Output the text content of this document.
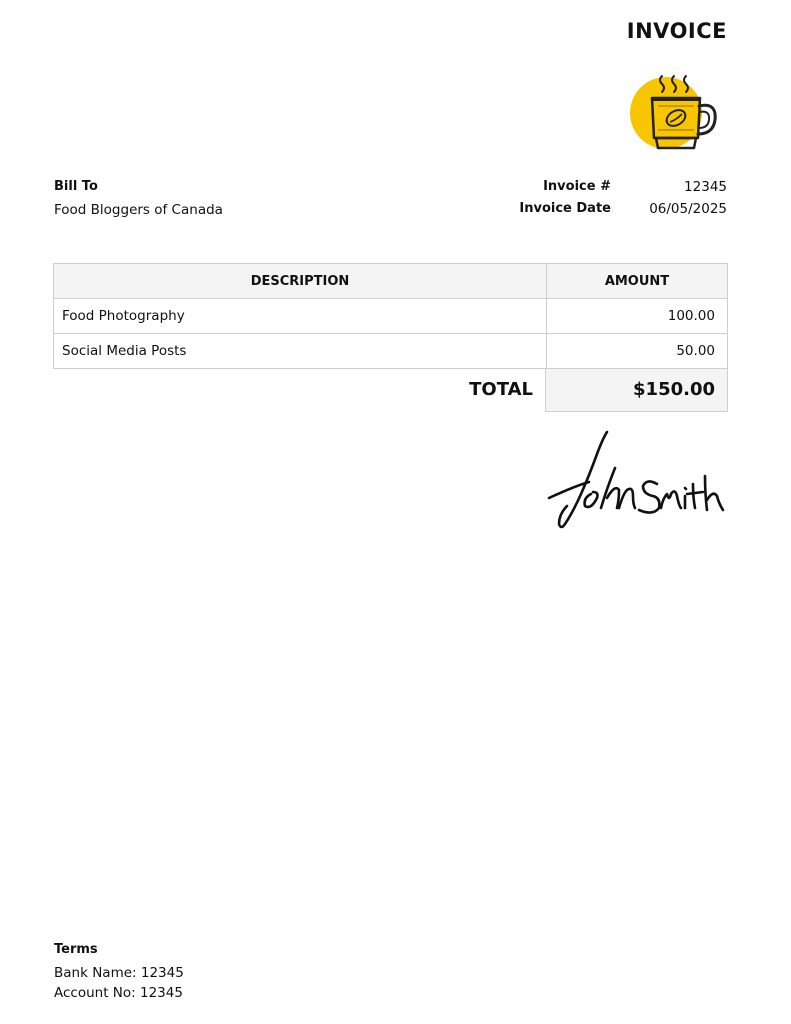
INVOICE
Bill To
Food Bloggers of Canada
Invoice #	12345
Invoice Date	06/05/2025
DESCRIPTION	AMOUNT
Food Photography	100.00
Social Media Posts	50.00
TOTAL	$150.00
Terms
Bank Name: 12345
Account No: 12345
